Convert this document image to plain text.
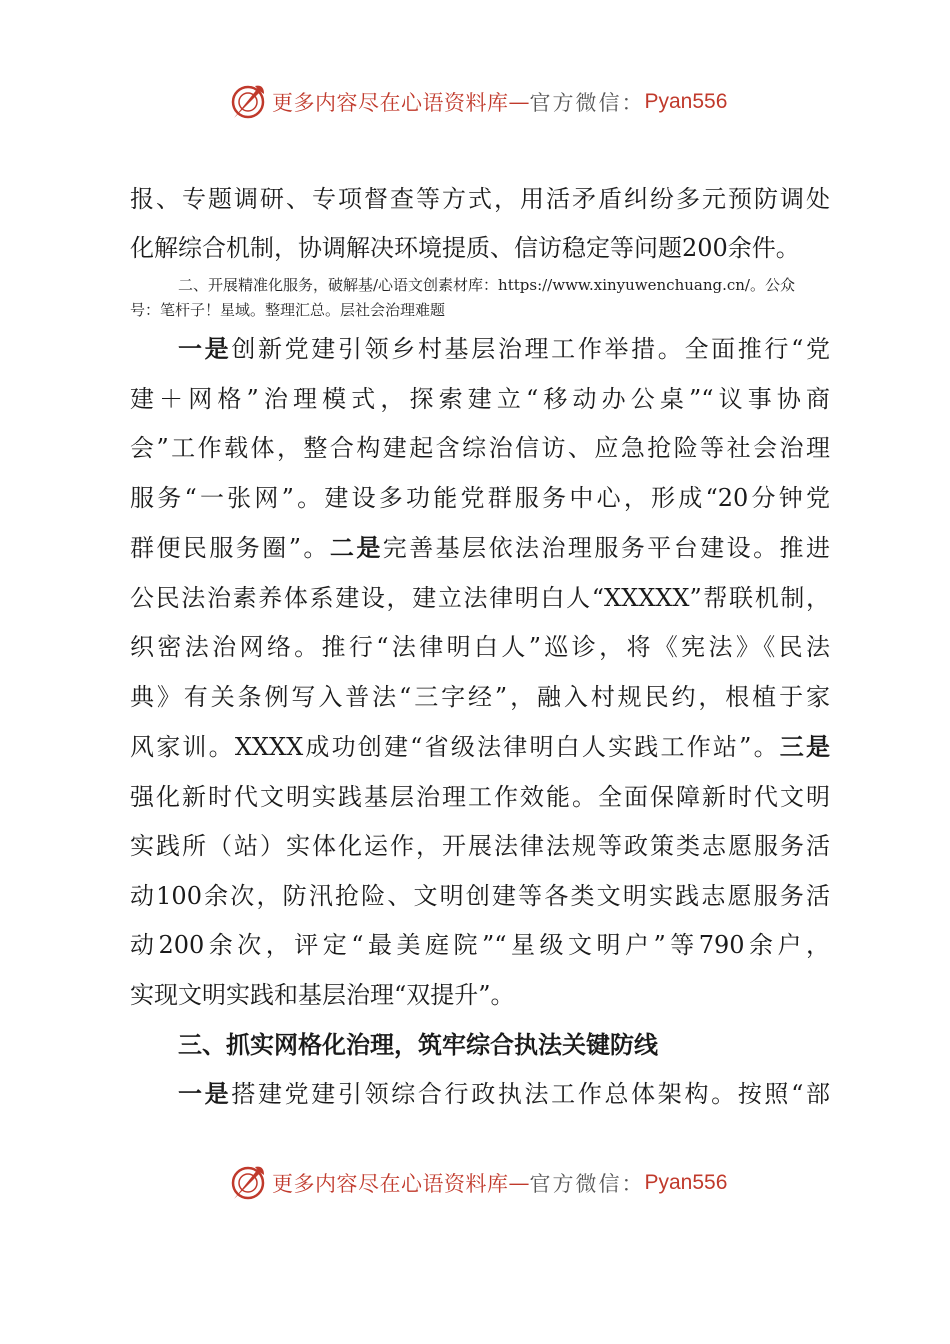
更多内容尽在心语资料库 — 官方微信： Pyan556
报、专题调研、专项督查等方式，用活矛盾纠纷多元预防调处
化解综合机制，协调解决环境提质、信访稳定等问题200余件。
二、开展精准化服务，破解基/心语文创素材库：https://www.xinyuwenchuang.cn/。公众
号：笔杆子！星域。整理汇总。层社会治理难题
一是创新党建引领乡村基层治理工作举措。全面推行“党
建＋网格”治理模式，探索建立“移动办公桌”“议事协商
会”工作载体，整合构建起含综治信访、应急抢险等社会治理
服务“一张网”。建设多功能党群服务中心，形成“20分钟党
群便民服务圈”。二是完善基层依法治理服务平台建设。推进
公民法治素养体系建设，建立法律明白人“XXXXX”帮联机制，
织密法治网络。推行“法律明白人”巡诊，将《宪法》《民法
典》有关条例写入普法“三字经”，融入村规民约，根植于家
风家训。XXXX成功创建“省级法律明白人实践工作站”。三是
强化新时代文明实践基层治理工作效能。全面保障新时代文明
实践所（站）实体化运作，开展法律法规等政策类志愿服务活
动100余次，防汛抢险、文明创建等各类文明实践志愿服务活
动200余次，评定“最美庭院”“星级文明户”等790余户，
实现文明实践和基层治理“双提升”。
三、抓实网格化治理，筑牢综合执法关键防线
一是搭建党建引领综合行政执法工作总体架构。按照“部
更多内容尽在心语资料库 — 官方微信： Pyan556
